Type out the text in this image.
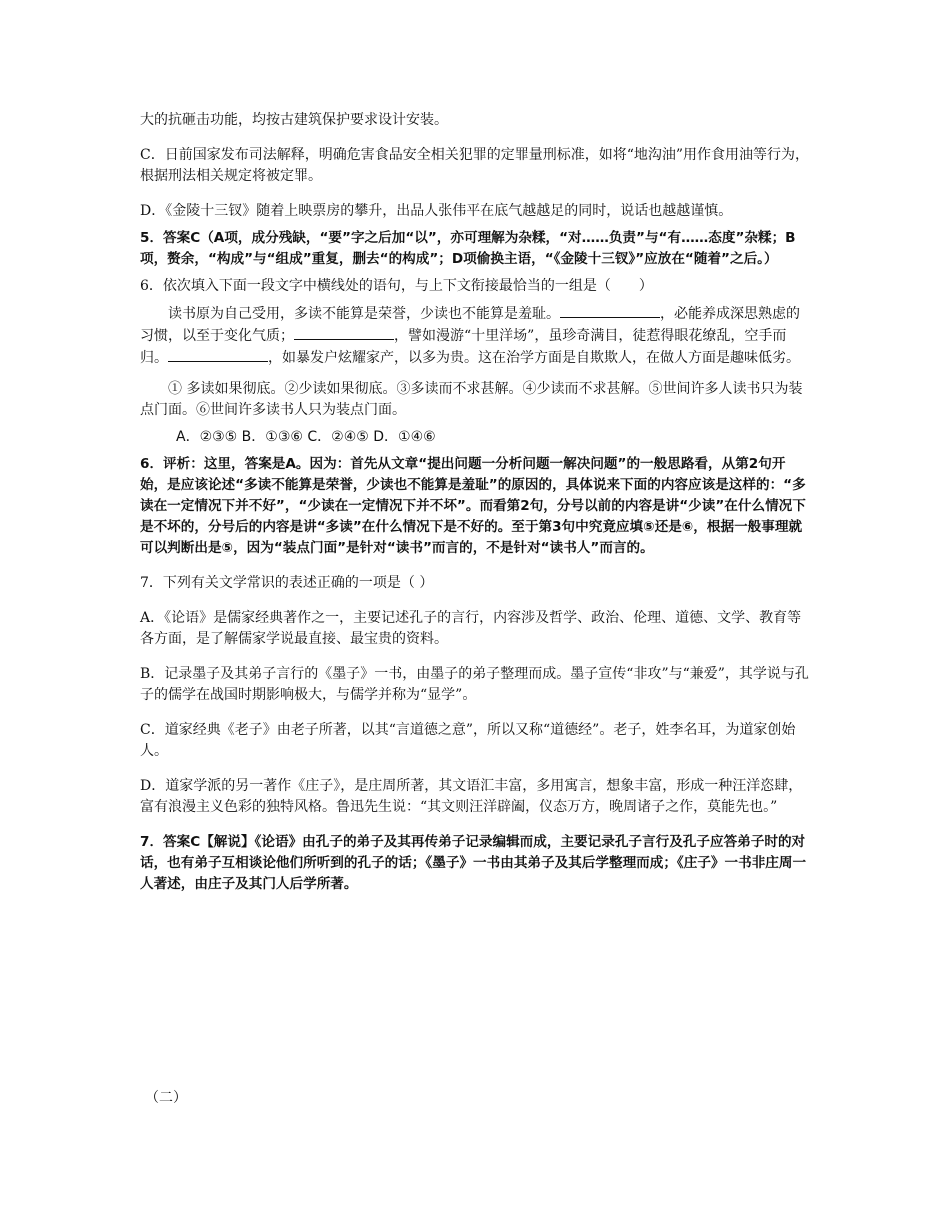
大的抗砸击功能，均按古建筑保护要求设计安装。

C．日前国家发布司法解释，明确危害食品安全相关犯罪的定罪量刑标准，如将“地沟油”用作食用油等行为，根据刑法相关规定将被定罪。

D．《金陵十三钗》随着上映票房的攀升，出品人张伟平在底气越越足的同时，说话也越越谨慎。

5．答案C（A项，成分残缺，“要”字之后加“以”，亦可理解为杂糅，“对……负责”与“有……态度”杂糅；B项，赘余，“构成”与“组成”重复，删去“的构成”；D项偷换主语，“《金陵十三钗》”应放在“随着”之后。）

6．依次填入下面一段文字中横线处的语句，与上下文衔接最恰当的一组是（　　）

读书原为自己受用，多读不能算是荣誉，少读也不能算是羞耻。	，必能养成深思熟虑的习惯，以至于变化气质；	，譬如漫游“十里洋场”，虽珍奇满目，徒惹得眼花缭乱，空手而归。	，如暴发户炫耀家产，以多为贵。这在治学方面是自欺欺人，在做人方面是趣味低劣。

① 多读如果彻底。②少读如果彻底。③多读而不求甚解。④少读而不求甚解。⑤世间许多人读书只为装点门面。⑥世间许多读书人只为装点门面。

A．②③⑤ B．①③⑥ C．②④⑤ D．①④⑥

6．评析：这里，答案是A。因为：首先从文章“提出问题一分析问题一解决问题”的一般思路看，从第2句开始，是应该论述“多读不能算是荣誉，少读也不能算是羞耻”的原因的，具体说来下面的内容应该是这样的：“多读在一定情况下并不好”，“少读在一定情况下并不坏”。而看第2句，分号以前的内容是讲“少读”在什么情况下是不坏的，分号后的内容是讲“多读”在什么情况下是不好的。至于第3句中究竟应填⑤还是⑥，根据一般事理就可以判断出是⑤，因为“装点门面”是针对“读书”而言的，不是针对“读书人”而言的。

7．下列有关文学常识的表述正确的一项是（ ）

A．《论语》是儒家经典著作之一，主要记述孔子的言行，内容涉及哲学、政治、伦理、道德、文学、教育等各方面，是了解儒家学说最直接、最宝贵的资料。

B．记录墨子及其弟子言行的《墨子》一书，由墨子的弟子整理而成。墨子宣传“非攻”与“兼爱”，其学说与孔子的儒学在战国时期影响极大，与儒学并称为“显学”。

C．道家经典《老子》由老子所著，以其“言道德之意”，所以又称“道德经”。老子，姓李名耳，为道家创始人。

D．道家学派的另一著作《庄子》，是庄周所著，其文语汇丰富，多用寓言，想象丰富，形成一种汪洋恣肆，富有浪漫主义色彩的独特风格。鲁迅先生说：“其文则汪洋辟阖，仪态万方，晚周诸子之作，莫能先也。”

7．答案C【解说】《论语》由孔子的弟子及其再传弟子记录编辑而成，主要记录孔子言行及孔子应答弟子时的对话，也有弟子互相谈论他们所听到的孔子的话；《墨子》一书由其弟子及其后学整理而成；《庄子》一书非庄周一人著述，由庄子及其门人后学所著。

（二）
